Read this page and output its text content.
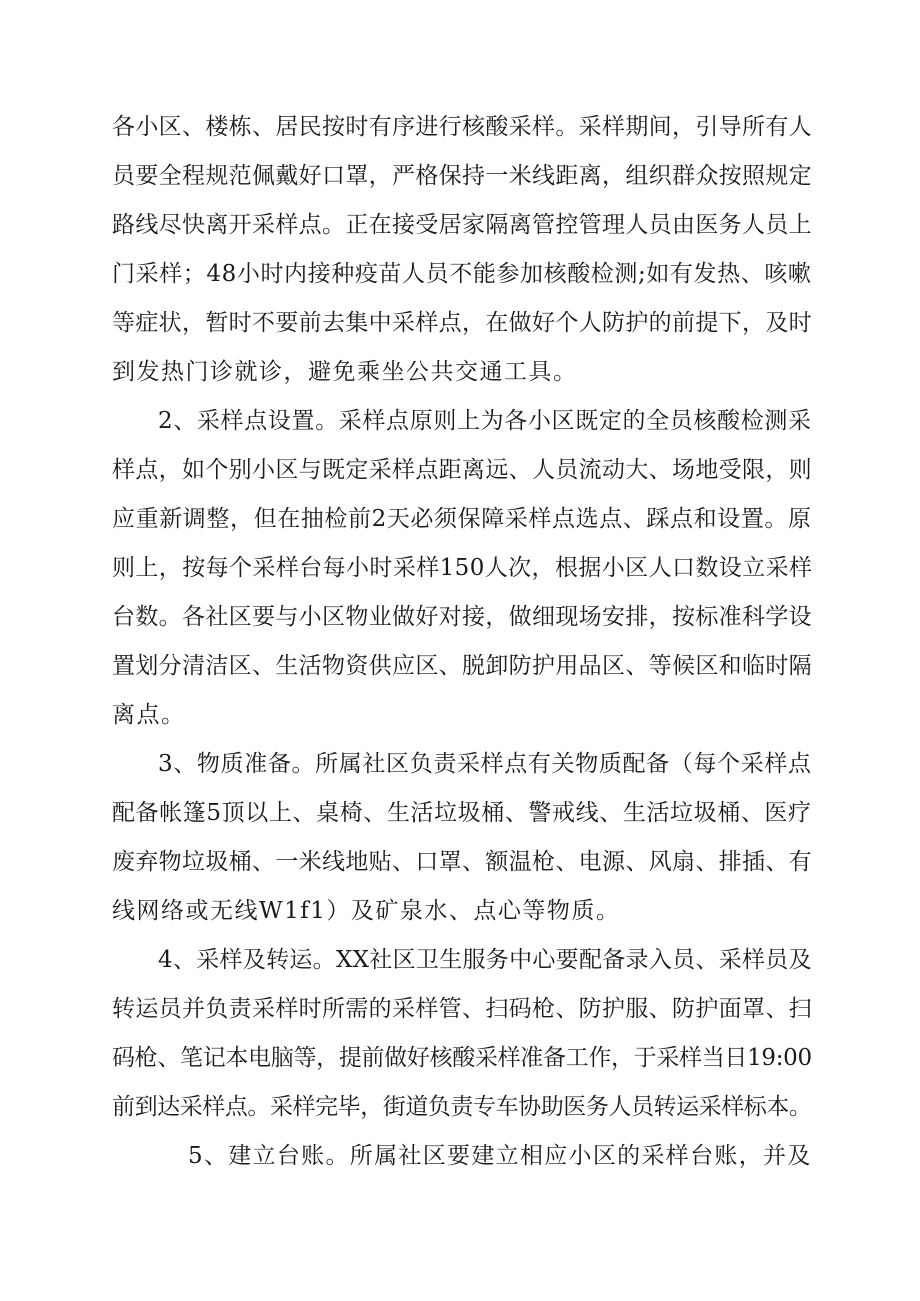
各小区、楼栋、居民按时有序进行核酸采样。采样期间，引导所有人
员要全程规范佩戴好口罩，严格保持一米线距离，组织群众按照规定
路线尽快离开采样点。正在接受居家隔离管控管理人员由医务人员上
门采样；48小时内接种疫苗人员不能参加核酸检测;如有发热、咳嗽
等症状，暂时不要前去集中采样点，在做好个人防护的前提下，及时
到发热门诊就诊，避免乘坐公共交通工具。
2、采样点设置。采样点原则上为各小区既定的全员核酸检测采
样点，如个别小区与既定采样点距离远、人员流动大、场地受限，则
应重新调整，但在抽检前2天必须保障采样点选点、踩点和设置。原
则上，按每个采样台每小时采样150人次，根据小区人口数设立采样
台数。各社区要与小区物业做好对接，做细现场安排，按标准科学设
置划分清洁区、生活物资供应区、脱卸防护用品区、等候区和临时隔
离点。
3、物质准备。所属社区负责采样点有关物质配备（每个采样点
配备帐篷5顶以上、桌椅、生活垃圾桶、警戒线、生活垃圾桶、医疗
废弃物垃圾桶、一米线地贴、口罩、额温枪、电源、风扇、排插、有
线网络或无线W1f1）及矿泉水、点心等物质。
4、采样及转运。XX社区卫生服务中心要配备录入员、采样员及
转运员并负责采样时所需的采样管、扫码枪、防护服、防护面罩、扫
码枪、笔记本电脑等，提前做好核酸采样准备工作，于采样当日19:00
前到达采样点。采样完毕，街道负责专车协助医务人员转运采样标本。
5、建立台账。所属社区要建立相应小区的采样台账，并及
